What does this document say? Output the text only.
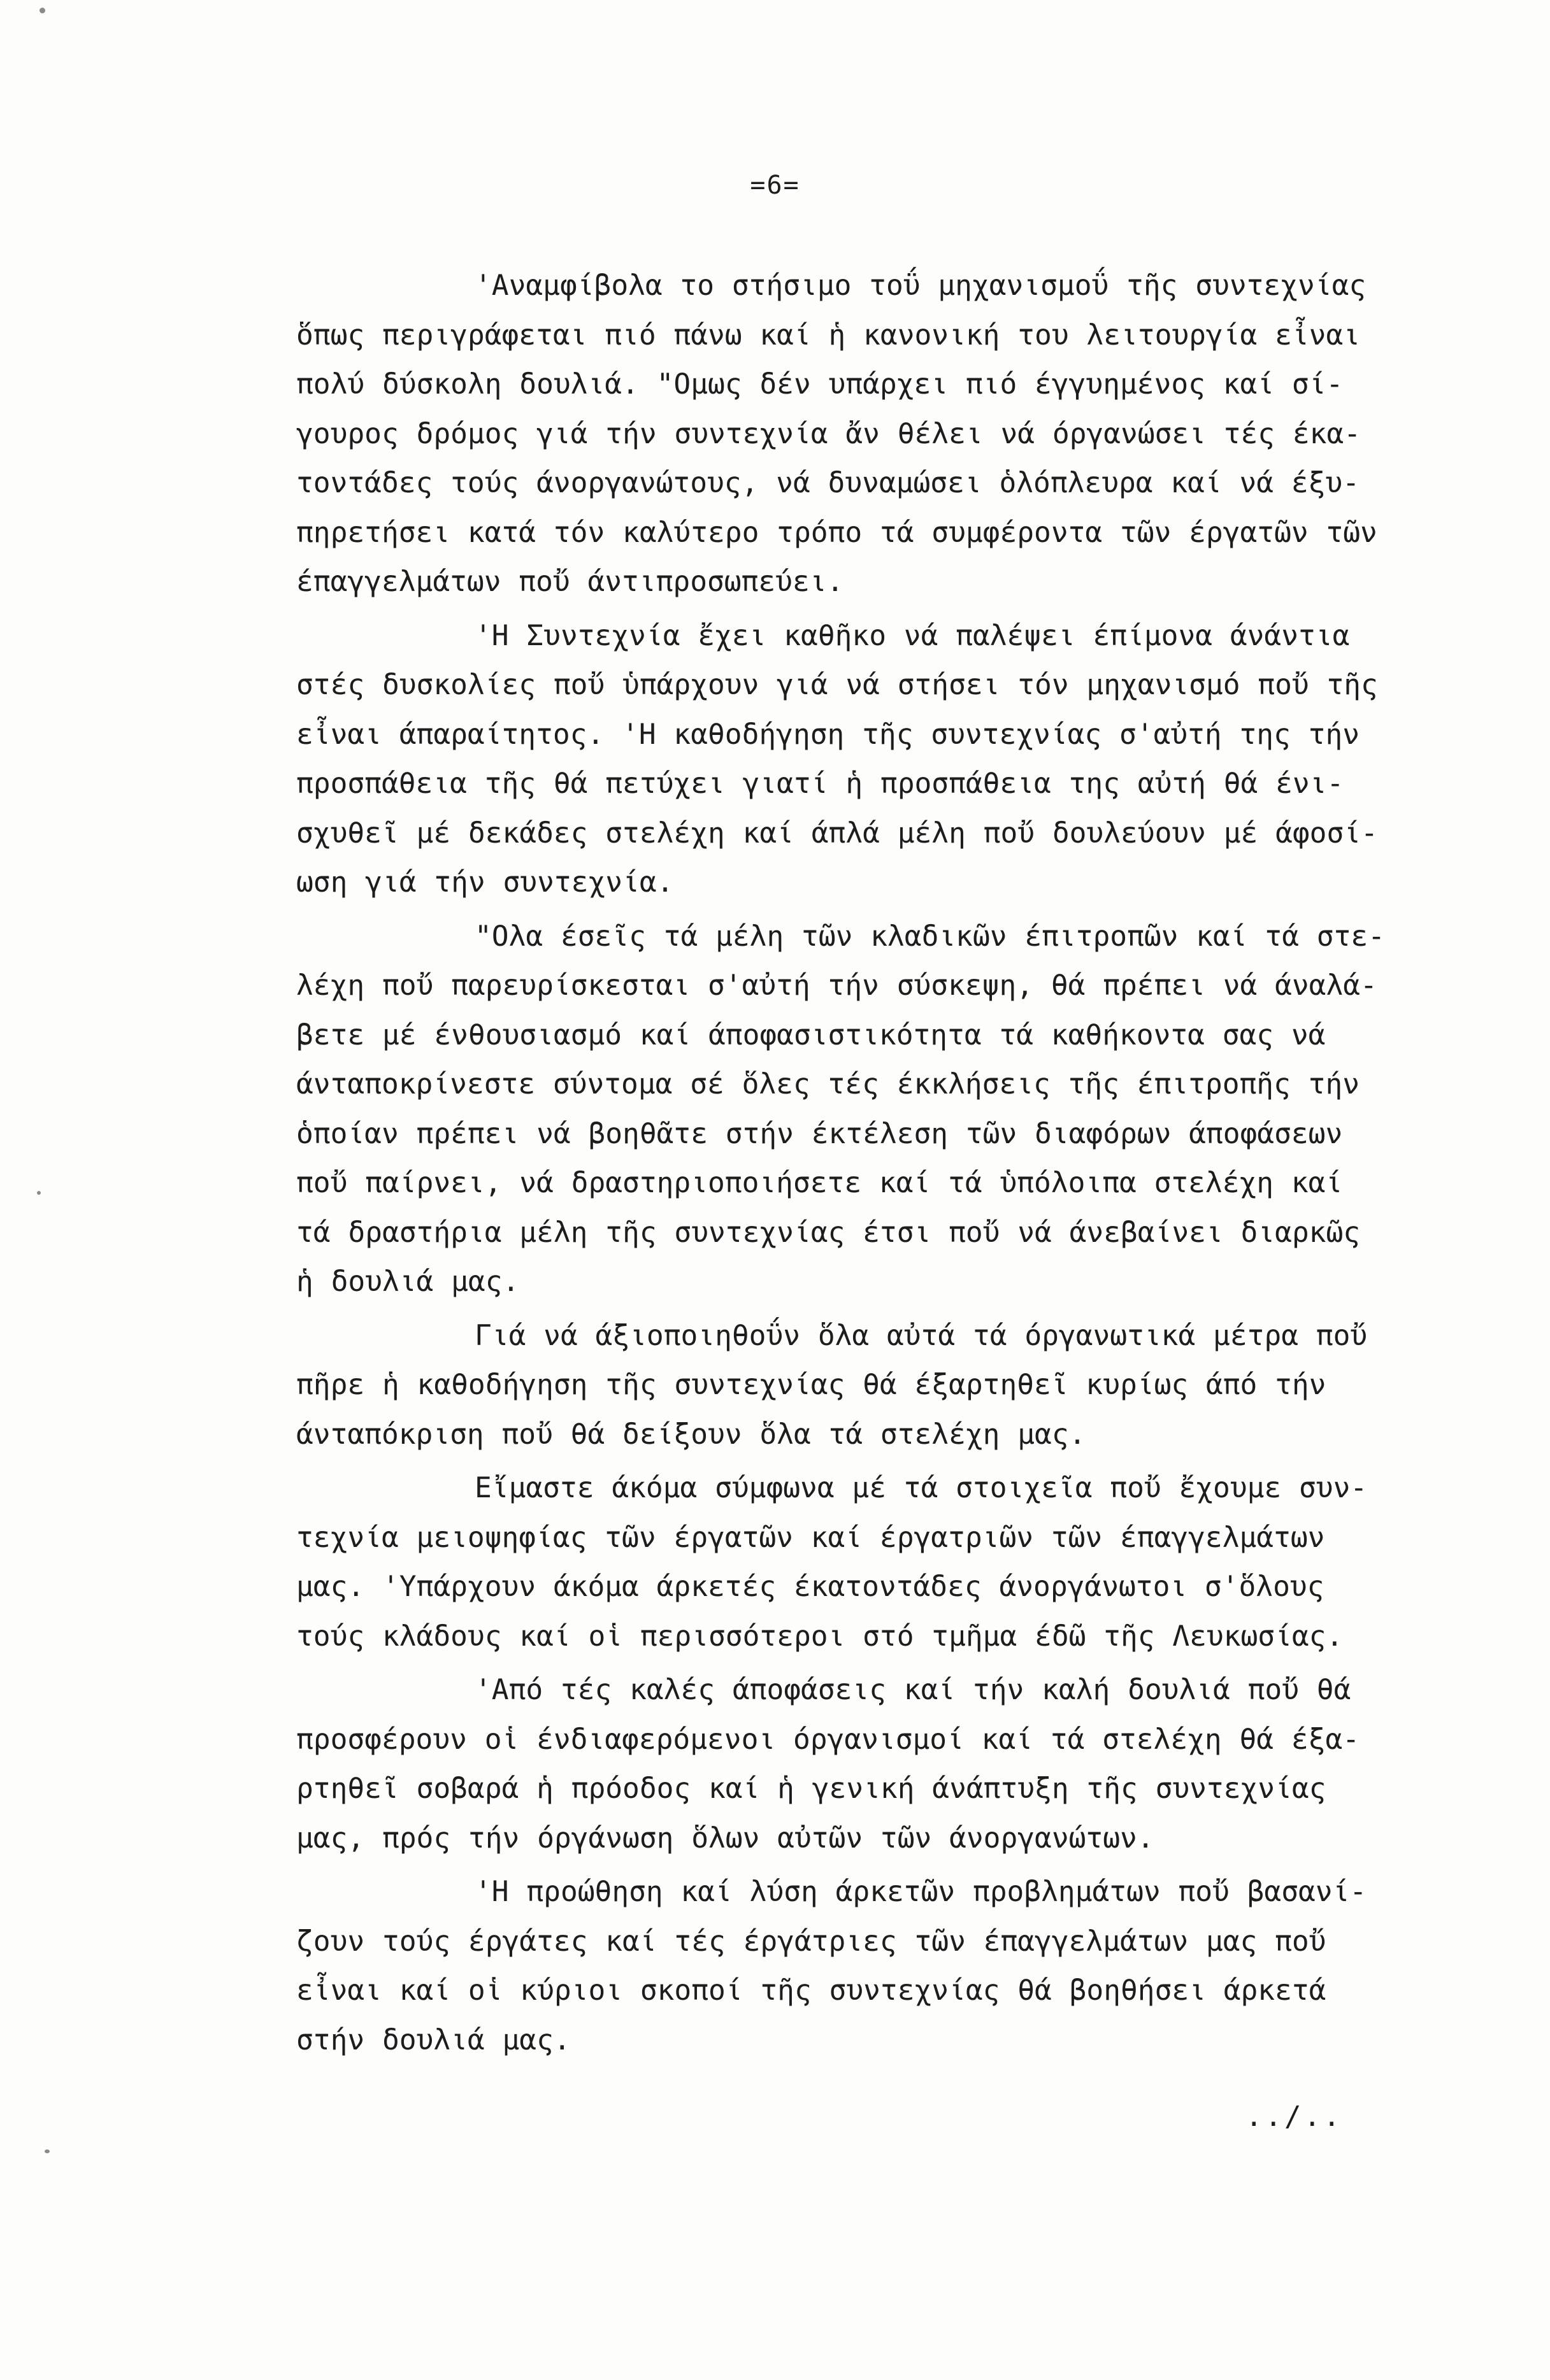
=6=
'Αναμφίβολα το στήσιμο τοΰ μηχανισμοΰ τῆς συντεχνίας
ὅπως περιγράφεται πιό πάνω καί ἡ κανονική του λειτουργία εἶναι
πολύ δύσκολη δουλιά. "Ομως δέν υπάρχει πιό έγγυημένος καί σί-
γουρος δρόμος γιά τήν συντεχνία ἄν θέλει νά όργανώσει τές έκα-
τοντάδες τούς άνοργανώτους, νά δυναμώσει ὁλόπλευρα καί νά έξυ-
πηρετήσει κατά τόν καλύτερο τρόπο τά συμφέροντα τῶν έργατῶν τῶν
έπαγγελμάτων ποὔ άντιπροσωπεύει.
'Η Συντεχνία ἔχει καθῆκο νά παλέψει έπίμονα άνάντια
στές δυσκολίες ποὔ ὑπάρχουν γιά νά στήσει τόν μηχανισμό ποὔ τῆς
εἶναι άπαραίτητος. 'Η καθοδήγηση τῆς συντεχνίας σ'αὐτή της τήν
προσπάθεια τῆς θά πετύχει γιατί ἡ προσπάθεια της αὐτή θά ένι-
σχυθεῖ μέ δεκάδες στελέχη καί άπλά μέλη ποὔ δουλεύουν μέ άφοσί-
ωση γιά τήν συντεχνία.
"Ολα έσεῖς τά μέλη τῶν κλαδικῶν έπιτροπῶν καί τά στε-
λέχη ποὔ παρευρίσκεσται σ'αὐτή τήν σύσκεψη, θά πρέπει νά άναλά-
βετε μέ ένθουσιασμό καί άποφασιστικότητα τά καθήκοντα σας νά
άνταποκρίνεστε σύντομα σέ ὅλες τές έκκλήσεις τῆς έπιτροπῆς τήν
ὁποίαν πρέπει νά βοηθᾶτε στήν έκτέλεση τῶν διαφόρων άποφάσεων
ποὔ παίρνει, νά δραστηριοποιήσετε καί τά ὑπόλοιπα στελέχη καί
τά δραστήρια μέλη τῆς συντεχνίας έτσι ποὔ νά άνεβαίνει διαρκῶς
ἡ δουλιά μας.
Γιά νά άξιοποιηθοΰν ὅλα αὐτά τά όργανωτικά μέτρα ποὔ
πῆρε ἡ καθοδήγηση τῆς συντεχνίας θά έξαρτηθεῖ κυρίως άπό τήν
άνταπόκριση ποὔ θά δείξουν ὅλα τά στελέχη μας.
Εἴμαστε άκόμα σύμφωνα μέ τά στοιχεῖα ποὔ ἔχουμε συν-
τεχνία μειοψηφίας τῶν έργατῶν καί έργατριῶν τῶν έπαγγελμάτων
μας. 'Υπάρχουν άκόμα άρκετές έκατοντάδες άνοργάνωτοι σ'ὅλους
τούς κλάδους καί οἱ περισσότεροι στό τμῆμα έδῶ τῆς Λευκωσίας.
'Από τές καλές άποφάσεις καί τήν καλή δουλιά ποὔ θά
προσφέρουν οἱ ένδιαφερόμενοι όργανισμοί καί τά στελέχη θά έξα-
ρτηθεῖ σοβαρά ἡ πρόοδος καί ἡ γενική άνάπτυξη τῆς συντεχνίας
μας, πρός τήν όργάνωση ὅλων αὐτῶν τῶν άνοργανώτων.
'Η προώθηση καί λύση άρκετῶν προβλημάτων ποὔ βασανί-
ζουν τούς έργάτες καί τές έργάτριες τῶν έπαγγελμάτων μας ποὔ
εἶναι καί οἱ κύριοι σκοποί τῆς συντεχνίας θά βοηθήσει άρκετά
στήν δουλιά μας.
../..
